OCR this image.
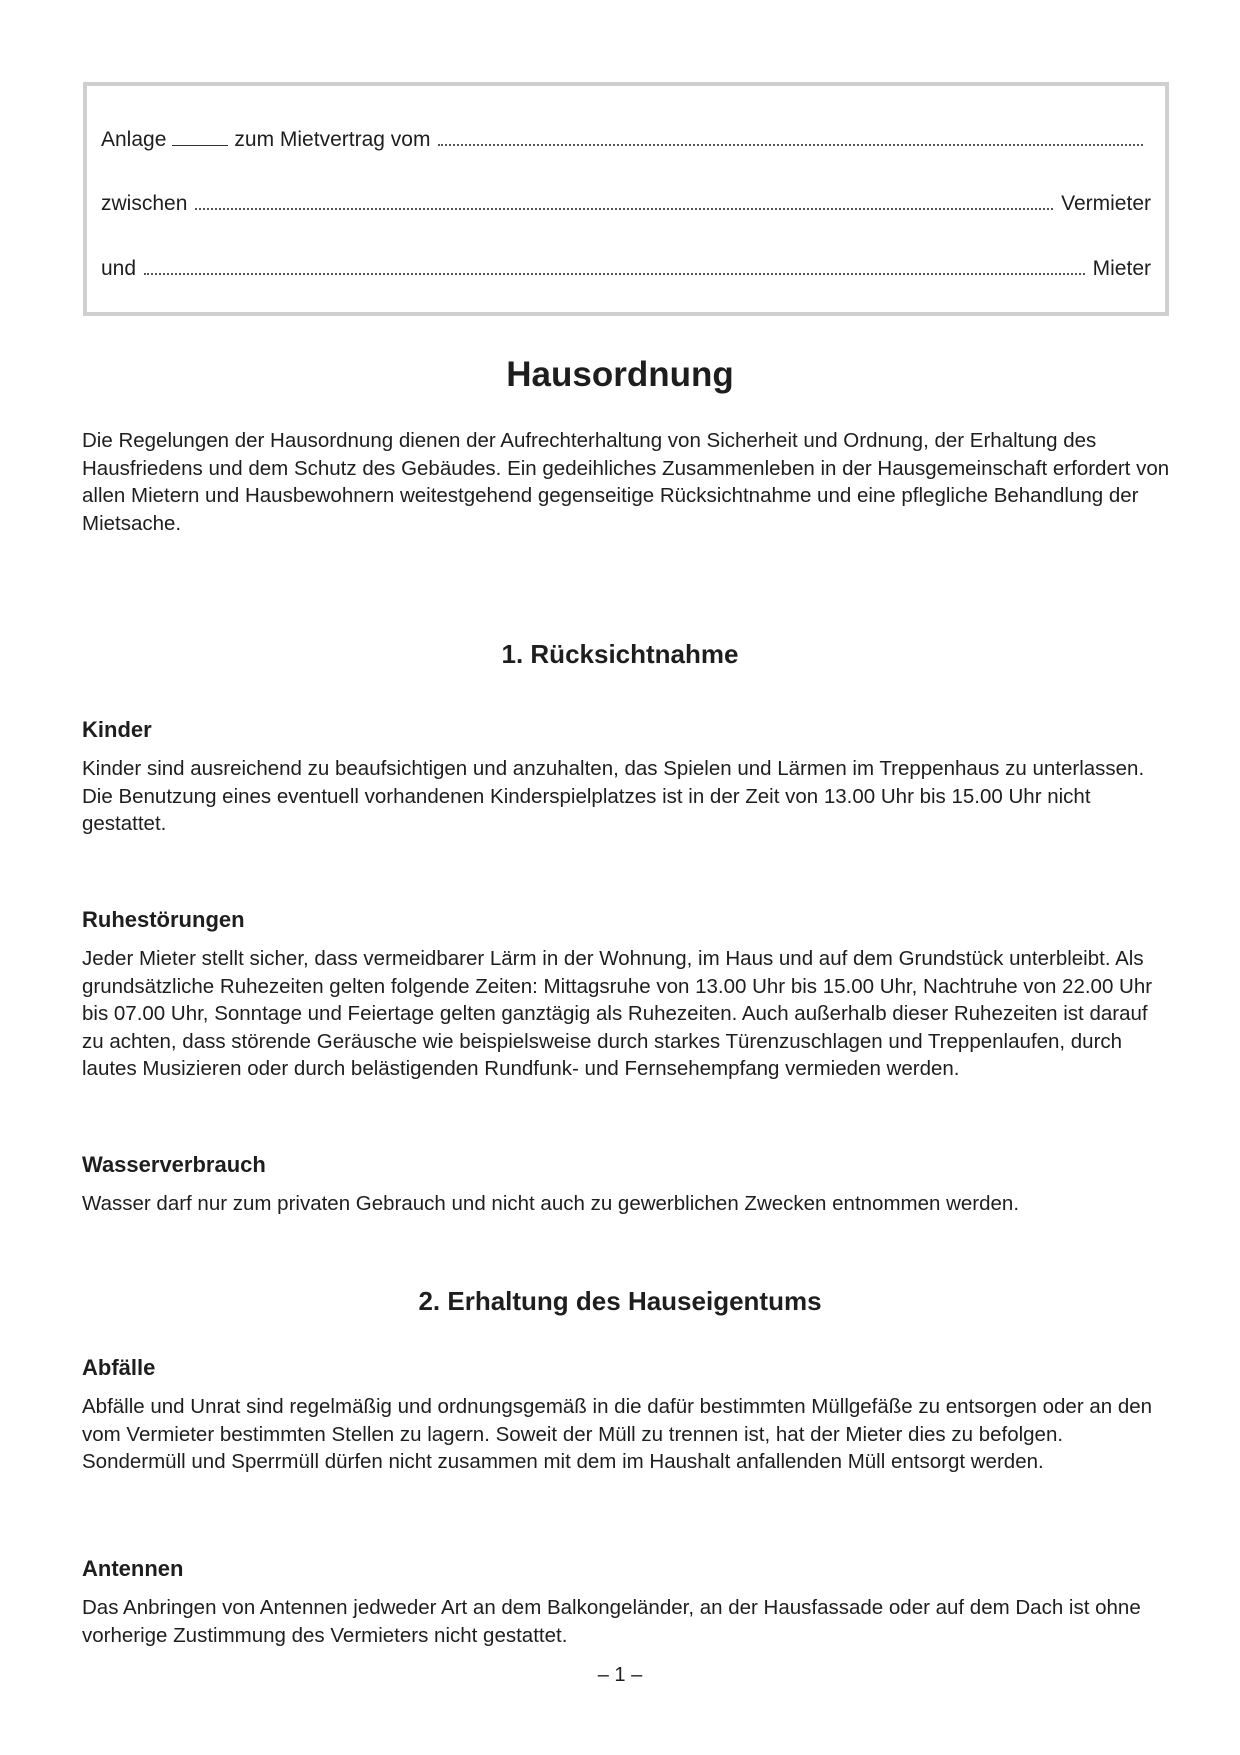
Anlage	zum Mietvertrag vom
zwischen	Vermieter
und	Mieter
Hausordnung

Die Regelungen der Hausordnung dienen der Aufrechterhaltung von Sicherheit und Ordnung, der Erhaltung des Hausfriedens und dem Schutz des Gebäudes. Ein gedeihliches Zusammenleben in der Hausgemeinschaft erfordert von allen Mietern und Hausbewohnern weitestgehend gegenseitige Rücksichtnahme und eine pflegliche Behandlung der Mietsache.

1. Rücksichtnahme
Kinder

Kinder sind ausreichend zu beaufsichtigen und anzuhalten, das Spielen und Lärmen im Treppenhaus zu unterlassen. Die Benutzung eines eventuell vorhandenen Kinderspielplatzes ist in der Zeit von 13.00 Uhr bis 15.00 Uhr nicht gestattet.

Ruhestörungen

Jeder Mieter stellt sicher, dass vermeidbarer Lärm in der Wohnung, im Haus und auf dem Grundstück unterbleibt. Als grundsätzliche Ruhezeiten gelten folgende Zeiten: Mittagsruhe von 13.00 Uhr bis 15.00 Uhr, Nachtruhe von 22.00 Uhr bis 07.00 Uhr, Sonntage und Feiertage gelten ganztägig als Ruhezeiten. Auch außerhalb dieser Ruhezeiten ist darauf zu achten, dass störende Geräusche wie beispielsweise durch starkes Türenzuschlagen und Treppenlaufen, durch lautes Musizieren oder durch belästigenden Rundfunk- und Fernsehempfang vermieden werden.

Wasserverbrauch

Wasser darf nur zum privaten Gebrauch und nicht auch zu gewerblichen Zwecken entnommen werden.

2. Erhaltung des Hauseigentums
Abfälle

Abfälle und Unrat sind regelmäßig und ordnungsgemäß in die dafür bestimmten Müllgefäße zu entsorgen oder an den vom Vermieter bestimmten Stellen zu lagern. Soweit der Müll zu trennen ist, hat der Mieter dies zu befolgen. Sondermüll und Sperrmüll dürfen nicht zusammen mit dem im Haushalt anfallenden Müll entsorgt werden.

Antennen

Das Anbringen von Antennen jedweder Art an dem Balkongeländer, an der Hausfassade oder auf dem Dach ist ohne vorherige Zustimmung des Vermieters nicht gestattet.

– 1 –
